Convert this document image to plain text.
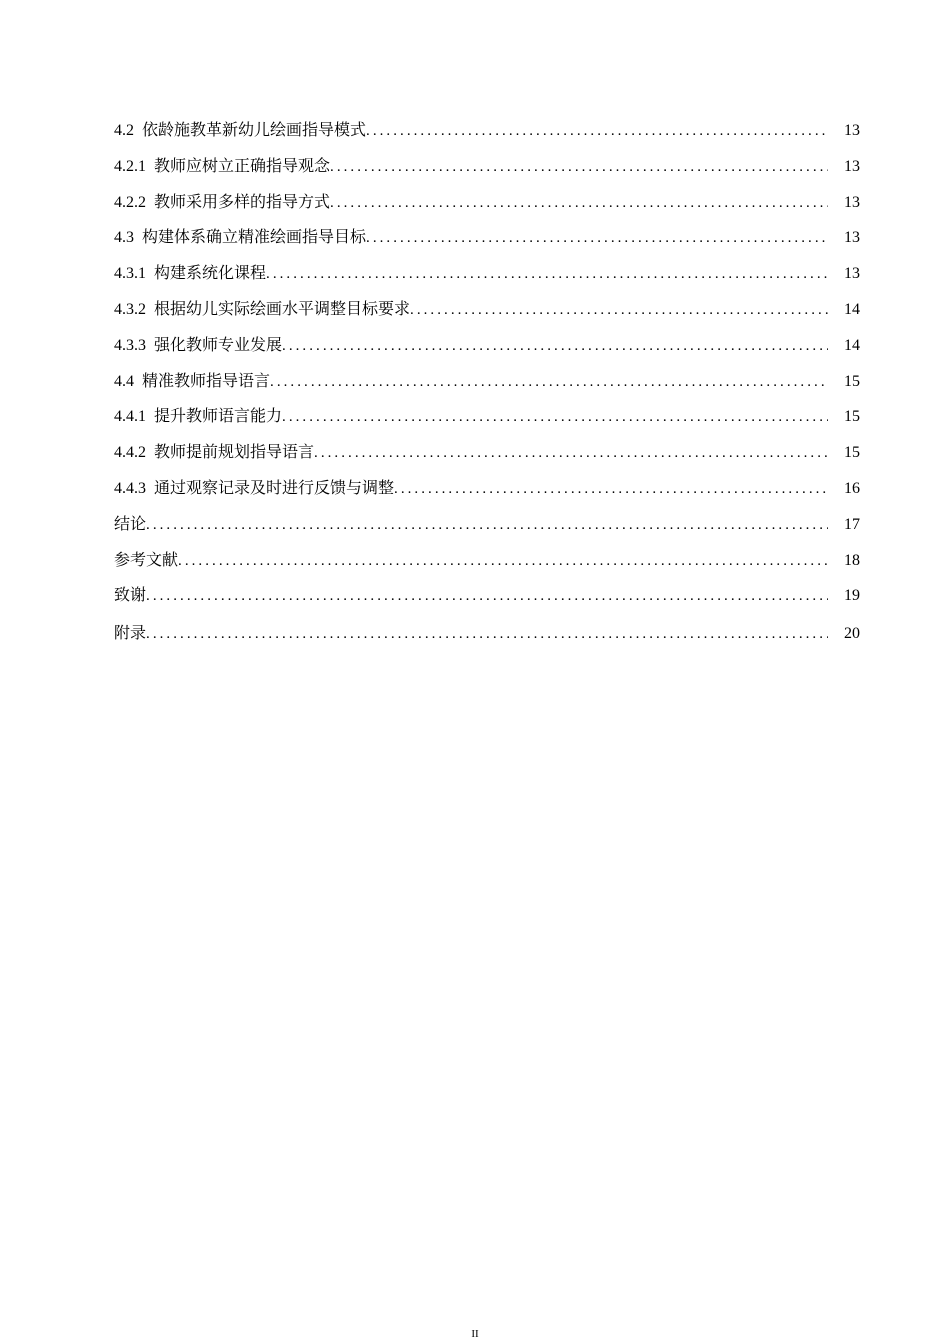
4.2 依龄施教革新幼儿绘画指导模式 .....	13
4.2.1 教师应树立正确指导观念 .....	13
4.2.2 教师采用多样的指导方式 .....	13
4.3 构建体系确立精准绘画指导目标 .....	13
4.3.1 构建系统化课程 .....	13
4.3.2 根据幼儿实际绘画水平调整目标要求 .....	14
4.3.3 强化教师专业发展 .....	14
4.4 精准教师指导语言 .....	15
4.4.1 提升教师语言能力 .....	15
4.4.2 教师提前规划指导语言 .....	15
4.4.3 通过观察记录及时进行反馈与调整 .....	16
结论 .....	17
参考文献 .....	18
致谢 .....	19
附录 .....	20
II
